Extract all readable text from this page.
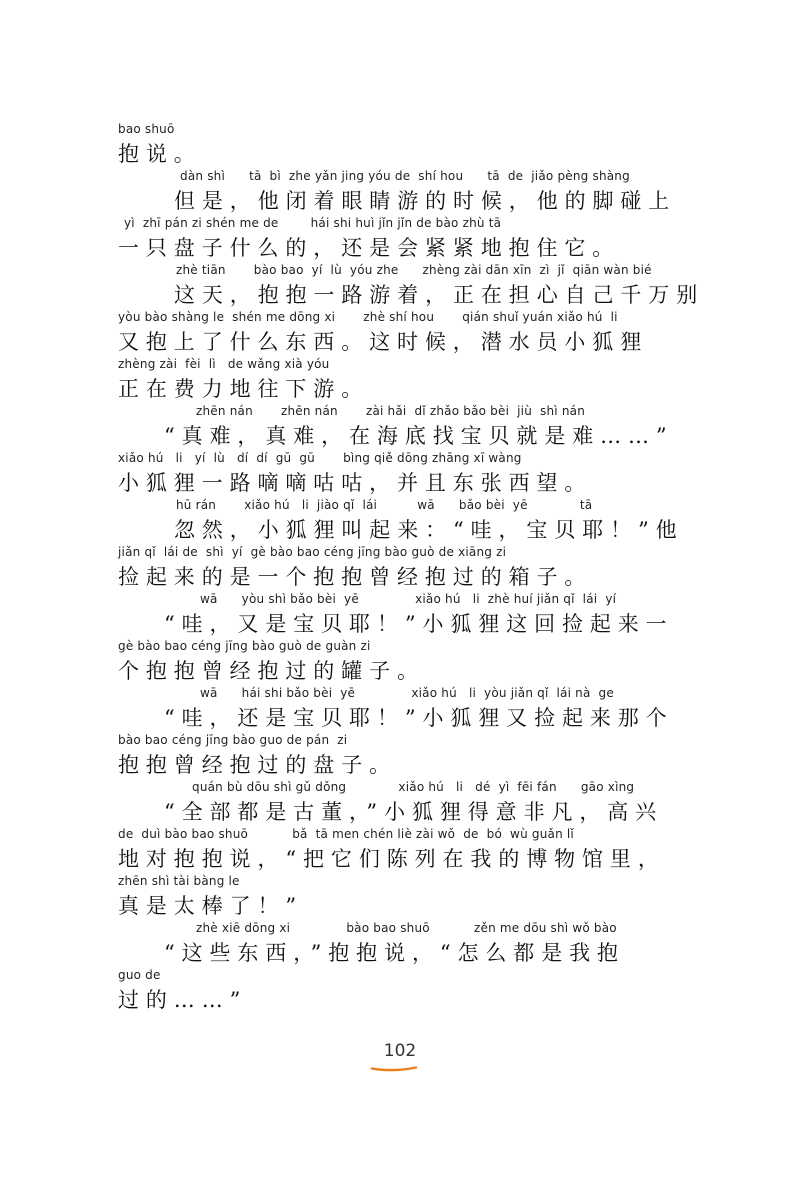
bao shuō
抱说。
dàn shì      tā  bì  zhe yǎn jing yóu de  shí hou      tā  de  jiǎo pèng shàng
但是，他闭着眼睛游的时候，他的脚碰上
yì  zhī pán zi shén me de        hái shi huì jǐn jǐn de bào zhù tā
一只盘子什么的，还是会紧紧地抱住它。
zhè tiān       bào bao  yí  lù  yóu zhe      zhèng zài dān xīn  zì  jǐ  qiān wàn bié
这天，抱抱一路游着，正在担心自己千万别
yòu bào shàng le  shén me dōng xi       zhè shí hou       qián shuǐ yuán xiǎo hú  li
又抱上了什么东西。这时候，潜水员小狐狸
zhèng zài  fèi  lì   de wǎng xià yóu
正在费力地往下游。
zhēn nán       zhēn nán       zài hǎi  dǐ zhǎo bǎo bèi  jiù  shì nán
“真难，真难，在海底找宝贝就是难……”
xiǎo hú   li   yí  lù   dí  dí  gū  gū       bìng qiě dōng zhāng xī wàng
小狐狸一路嘀嘀咕咕，并且东张西望。
hū rán       xiǎo hú   li  jiào qǐ  lái          wā      bǎo bèi  yē             tā
忽然，小狐狸叫起来：“哇，宝贝耶！”他
jiǎn qǐ  lái de  shì  yí  gè bào bao céng jīng bào guò de xiāng zi
捡起来的是一个抱抱曾经抱过的箱子。
wā      yòu shì bǎo bèi  yē              xiǎo hú   li  zhè huí jiǎn qǐ  lái  yí
“哇，又是宝贝耶！”小狐狸这回捡起来一
gè bào bao céng jīng bào guò de guàn zi
个抱抱曾经抱过的罐子。
wā      hái shi bǎo bèi  yē              xiǎo hú   li  yòu jiǎn qǐ  lái nà  ge
“哇，还是宝贝耶！”小狐狸又捡起来那个
bào bao céng jīng bào guo de pán  zi
抱抱曾经抱过的盘子。
quán bù dōu shì gǔ dǒng             xiǎo hú   li   dé  yì  fēi fán      gāo xìng
“全部都是古董，”小狐狸得意非凡，高兴
de  duì bào bao shuō           bǎ  tā men chén liè zài wǒ  de  bó  wù guǎn lǐ
地对抱抱说，“把它们陈列在我的博物馆里，
zhēn shì tài bàng le
真是太棒了！”
zhè xiē dōng xi              bào bao shuō           zěn me dōu shì wǒ bào
“这些东西，”抱抱说，“怎么都是我抱
guo de
过的……”
102
